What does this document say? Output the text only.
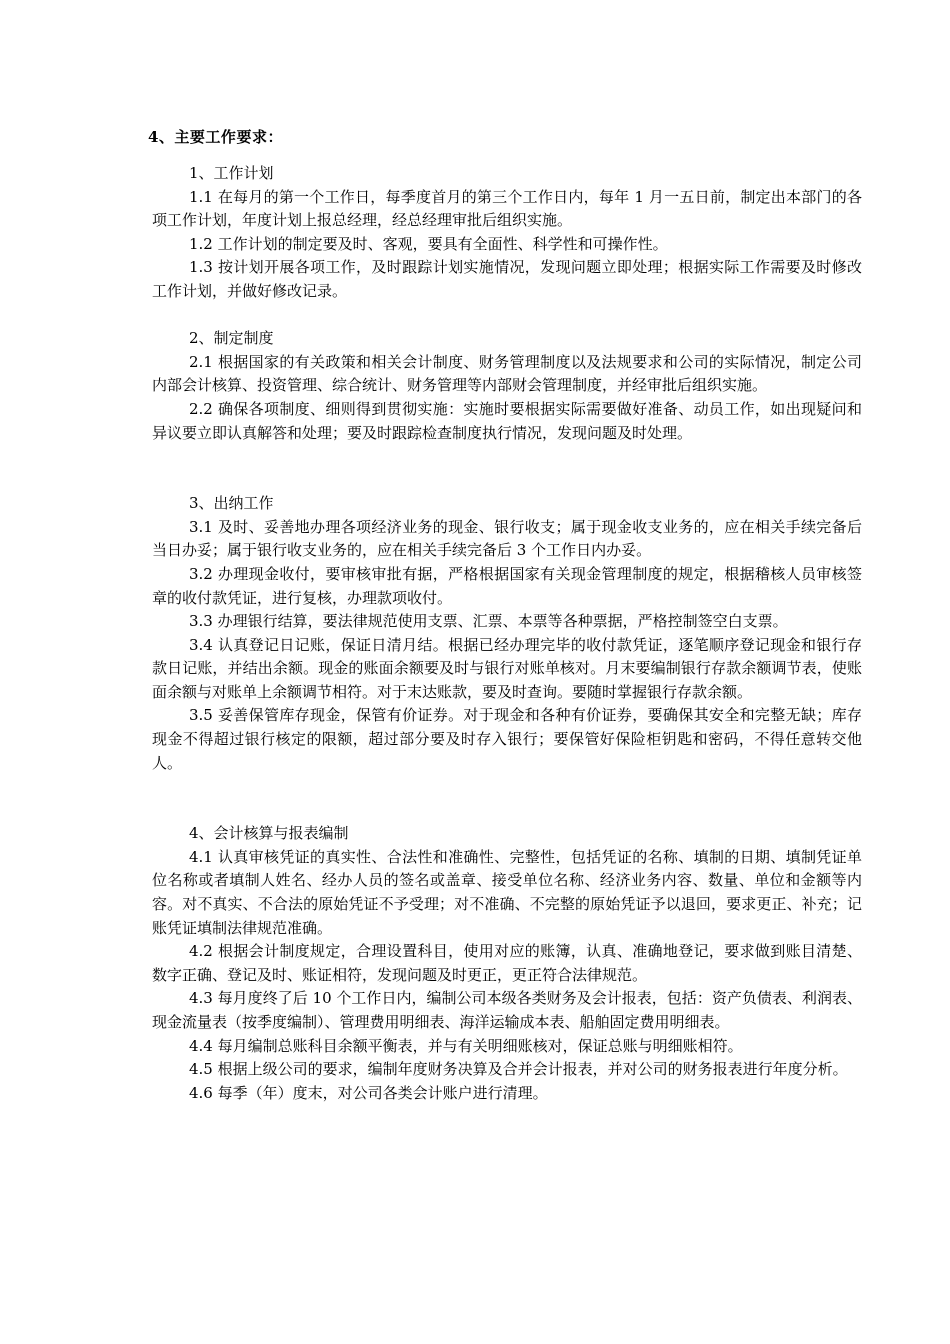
4、主要工作要求：

1、工作计划

1.1 在每月的第一个工作日，每季度首月的第三个工作日内，每年 1 月一五日前，制定出本部门的各项工作计划，年度计划上报总经理，经总经理审批后组织实施。

1.2 工作计划的制定要及时、客观，要具有全面性、科学性和可操作性。

1.3 按计划开展各项工作，及时跟踪计划实施情况，发现问题立即处理；根据实际工作需要及时修改工作计划，并做好修改记录。

2、制定制度

2.1 根据国家的有关政策和相关会计制度、财务管理制度以及法规要求和公司的实际情况，制定公司内部会计核算、投资管理、综合统计、财务管理等内部财会管理制度，并经审批后组织实施。

2.2 确保各项制度、细则得到贯彻实施：实施时要根据实际需要做好准备、动员工作，如出现疑问和异议要立即认真解答和处理；要及时跟踪检查制度执行情况，发现问题及时处理。

3、出纳工作

3.1 及时、妥善地办理各项经济业务的现金、银行收支；属于现金收支业务的，应在相关手续完备后当日办妥；属于银行收支业务的，应在相关手续完备后 3 个工作日内办妥。

3.2 办理现金收付，要审核审批有据，严格根据国家有关现金管理制度的规定，根据稽核人员审核签章的收付款凭证，进行复核，办理款项收付。

3.3 办理银行结算，要法律规范使用支票、汇票、本票等各种票据，严格控制签空白支票。

3.4 认真登记日记账，保证日清月结。根据已经办理完毕的收付款凭证，逐笔顺序登记现金和银行存款日记账，并结出余额。现金的账面余额要及时与银行对账单核对。月末要编制银行存款余额调节表，使账面余额与对账单上余额调节相符。对于末达账款，要及时查询。要随时掌握银行存款余额。

3.5 妥善保管库存现金，保管有价证券。对于现金和各种有价证券，要确保其安全和完整无缺；库存现金不得超过银行核定的限额，超过部分要及时存入银行；要保管好保险柜钥匙和密码，不得任意转交他人。

4、会计核算与报表编制

4.1 认真审核凭证的真实性、合法性和准确性、完整性，包括凭证的名称、填制的日期、填制凭证单位名称或者填制人姓名、经办人员的签名或盖章、接受单位名称、经济业务内容、数量、单位和金额等内容。对不真实、不合法的原始凭证不予受理；对不准确、不完整的原始凭证予以退回，要求更正、补充；记账凭证填制法律规范准确。

4.2 根据会计制度规定，合理设置科目，使用对应的账簿，认真、准确地登记，要求做到账目清楚、数字正确、登记及时、账证相符，发现问题及时更正，更正符合法律规范。

4.3 每月度终了后 10 个工作日内，编制公司本级各类财务及会计报表，包括：资产负债表、利润表、现金流量表（按季度编制）、管理费用明细表、海洋运输成本表、船舶固定费用明细表。

4.4 每月编制总账科目余额平衡表，并与有关明细账核对，保证总账与明细账相符。

4.5 根据上级公司的要求，编制年度财务决算及合并会计报表，并对公司的财务报表进行年度分析。

4.6 每季（年）度末，对公司各类会计账户进行清理。
